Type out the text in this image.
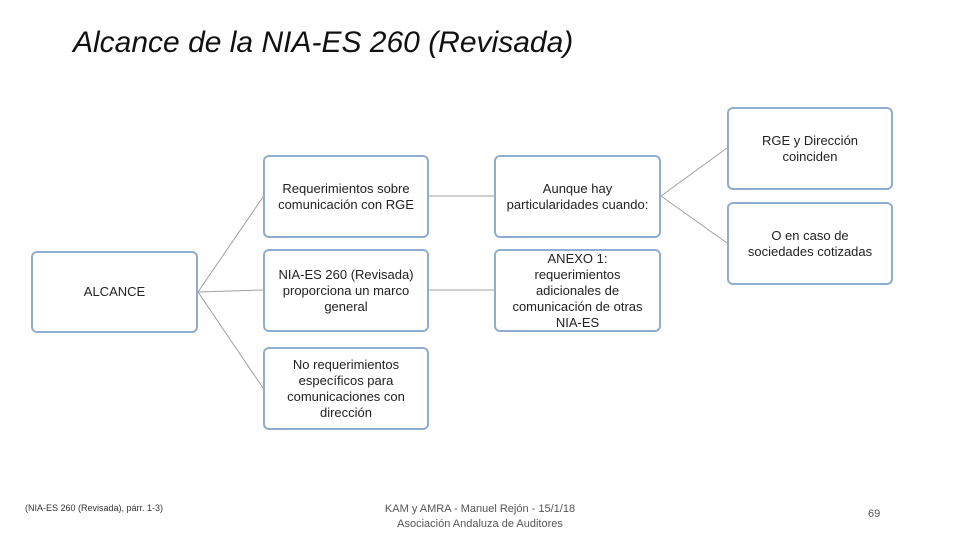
Alcance de la NIA-ES 260 (Revisada)
ALCANCE
Requerimientos sobre comunicación con RGE
NIA-ES 260 (Revisada) proporciona un marco general
No requerimientos específicos para comunicaciones con dirección
Aunque hay particularidades cuando:
ANEXO 1: requerimientos adicionales de comunicación de otras NIA-ES
RGE y Dirección coinciden
O en caso de sociedades cotizadas
(NIA-ES 260 (Revisada), párr. 1-3)	KAM y AMRA - Manuel Rejón - 15/1/18
Asociación Andaluza de Auditores
69
